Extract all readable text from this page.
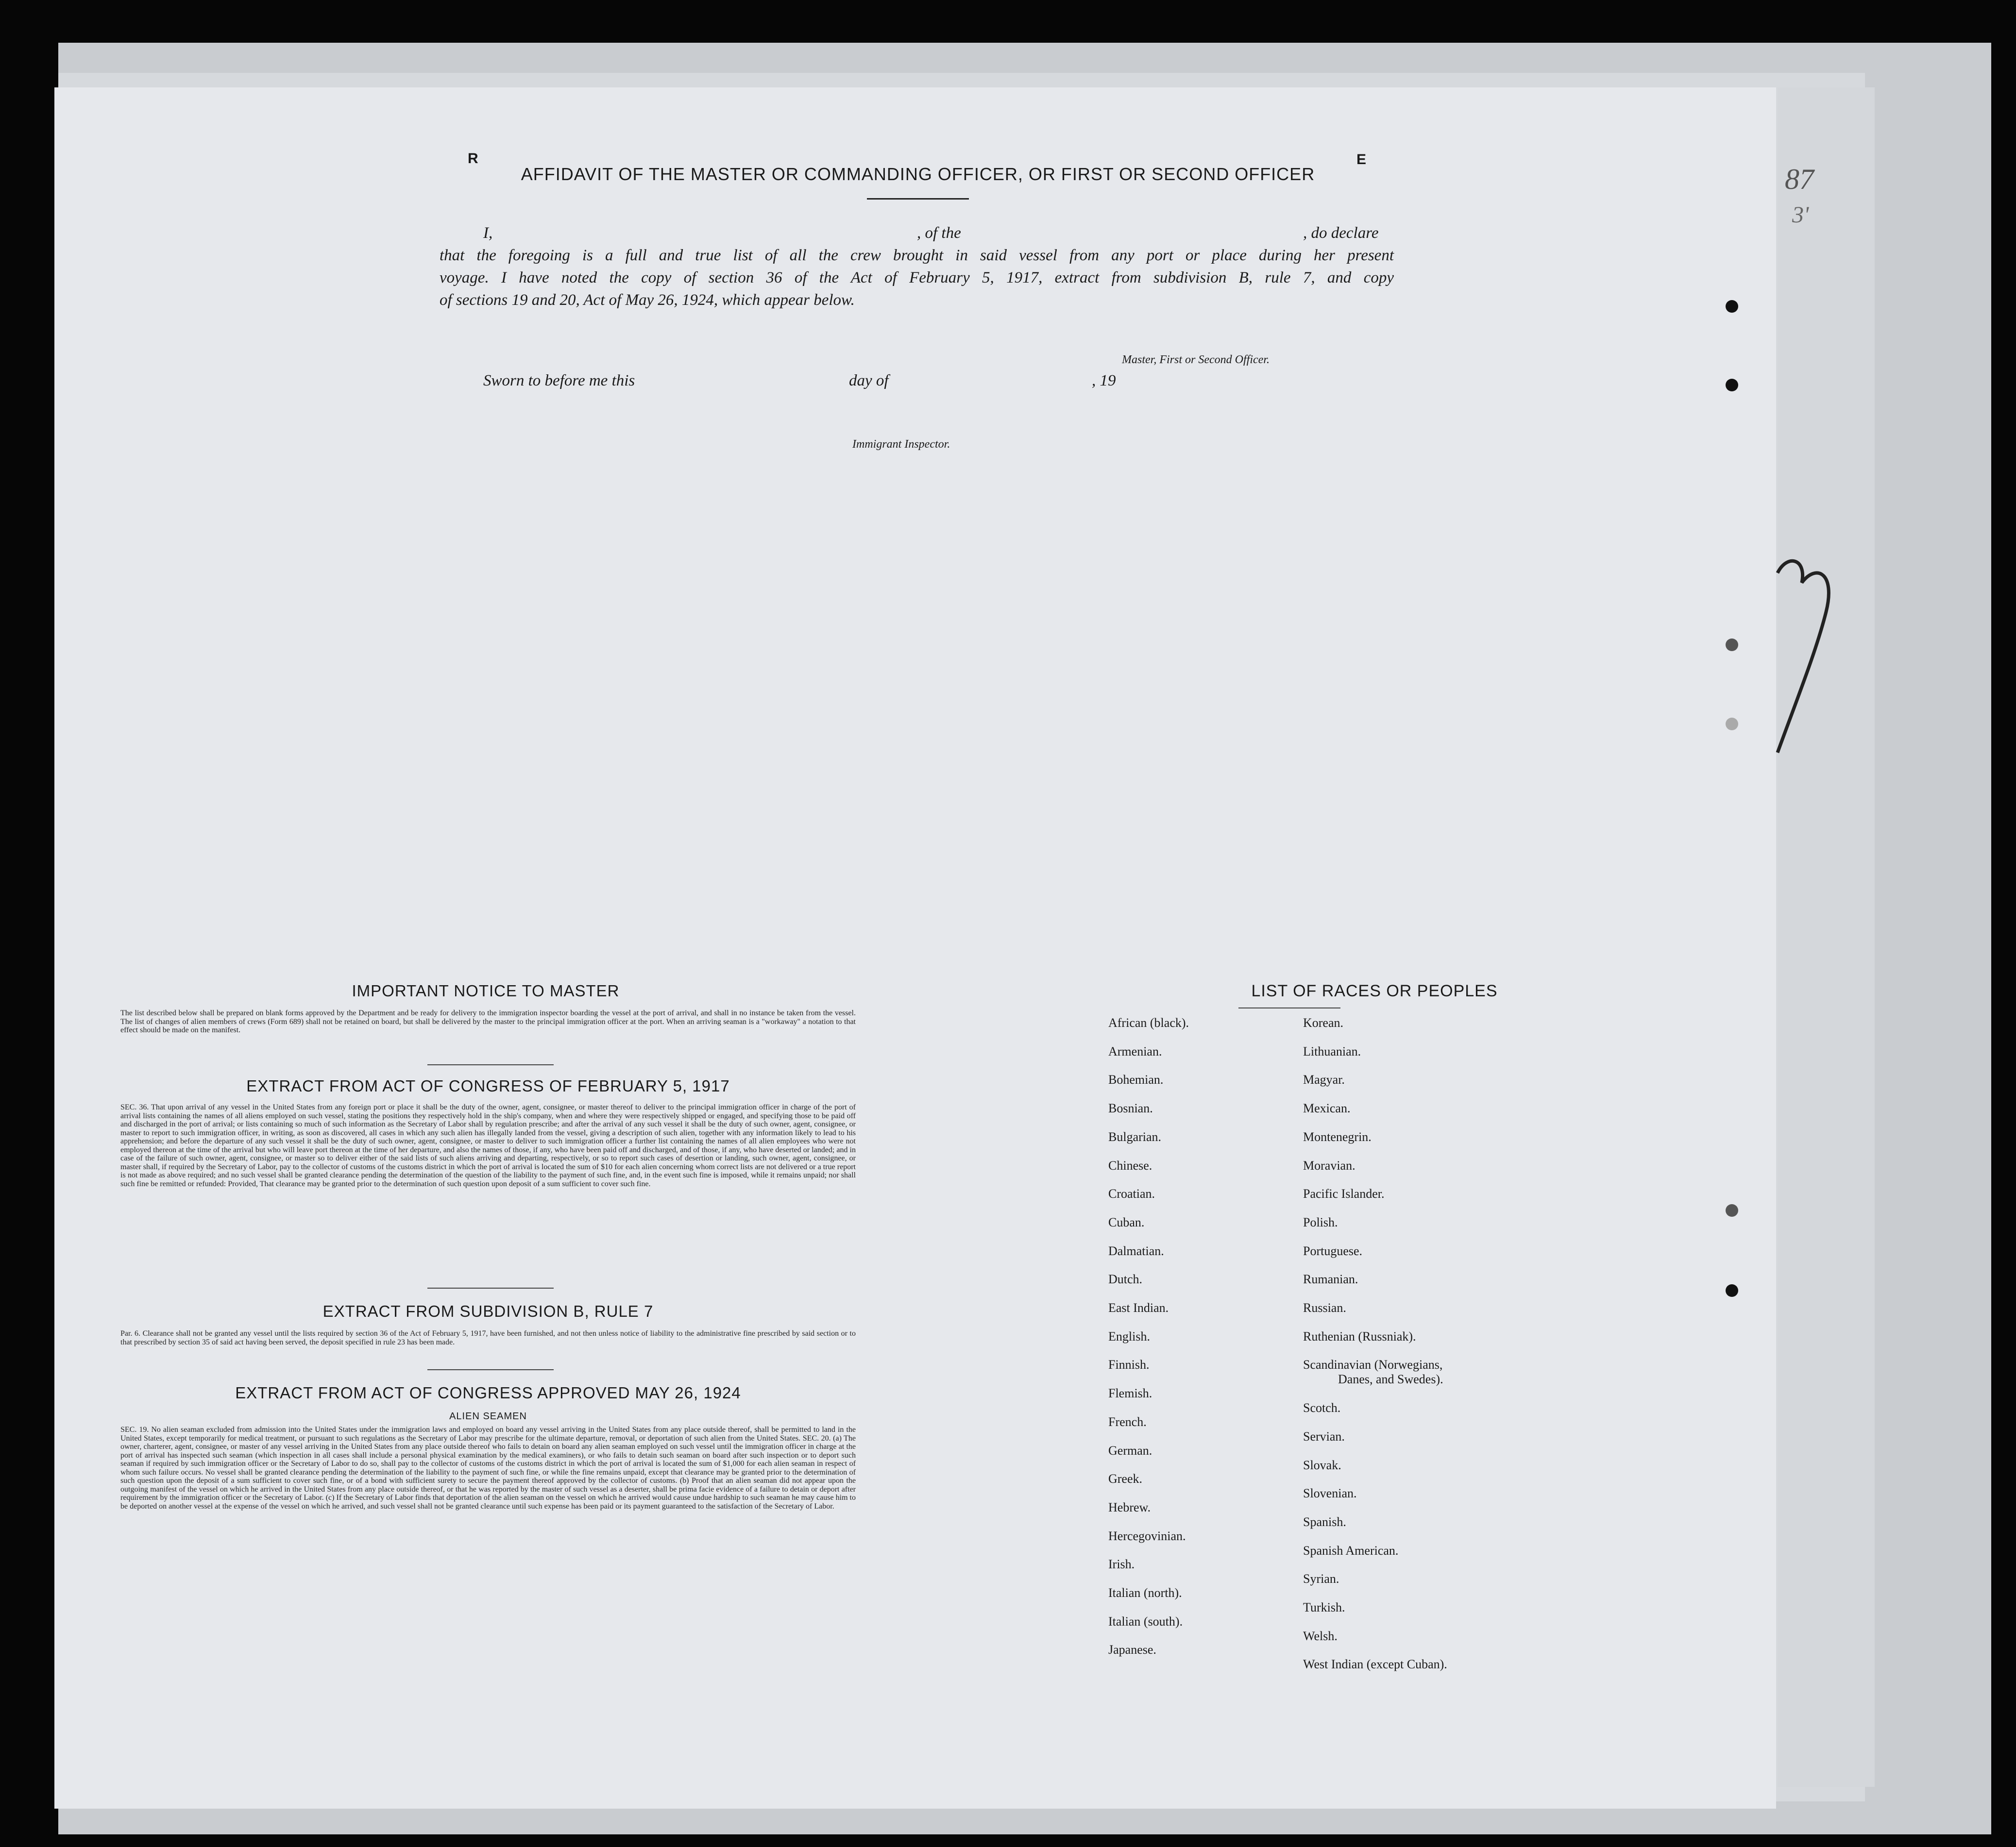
87
3'
R	E
AFFIDAVIT OF THE MASTER OR COMMANDING OFFICER, OR FIRST OR SECOND OFFICER
I,	, of the	, do declare
that the foregoing is a full and true list of all the crew brought in said vessel from any port or place during her present
voyage. I have noted the copy of section 36 of the Act of February 5, 1917, extract from subdivision B, rule 7, and copy
of sections 19 and 20, Act of May 26, 1924, which appear below.
Master, First or Second Officer.
Sworn to before me this	day of	, 19
Immigrant Inspector.
IMPORTANT NOTICE TO MASTER
The list described below shall be prepared on blank forms approved by the Department and be ready for delivery to the immigration inspector boarding the vessel at the port of arrival, and shall in no instance be taken from the vessel. The list of changes of alien members of crews (Form 689) shall not be retained on board, but shall be delivered by the master to the principal immigration officer at the port. When an arriving seaman is a "workaway" a notation to that effect should be made on the manifest.
EXTRACT FROM ACT OF CONGRESS OF FEBRUARY 5, 1917
SEC. 36. That upon arrival of any vessel in the United States from any foreign port or place it shall be the duty of the owner, agent, consignee, or master thereof to deliver to the principal immigration officer in charge of the port of arrival lists containing the names of all aliens employed on such vessel, stating the positions they respectively hold in the ship's company, when and where they were respectively shipped or engaged, and specifying those to be paid off and discharged in the port of arrival; or lists containing so much of such information as the Secretary of Labor shall by regulation prescribe; and after the arrival of any such vessel it shall be the duty of such owner, agent, consignee, or master to report to such immigration officer, in writing, as soon as discovered, all cases in which any such alien has illegally landed from the vessel, giving a description of such alien, together with any information likely to lead to his apprehension; and before the departure of any such vessel it shall be the duty of such owner, agent, consignee, or master to deliver to such immigration officer a further list containing the names of all alien employees who were not employed thereon at the time of the arrival but who will leave port thereon at the time of her departure, and also the names of those, if any, who have been paid off and discharged, and of those, if any, who have deserted or landed; and in case of the failure of such owner, agent, consignee, or master so to deliver either of the said lists of such aliens arriving and departing, respectively, or so to report such cases of desertion or landing, such owner, agent, consignee, or master shall, if required by the Secretary of Labor, pay to the collector of customs of the customs district in which the port of arrival is located the sum of $10 for each alien concerning whom correct lists are not delivered or a true report is not made as above required; and no such vessel shall be granted clearance pending the determination of the question of the liability to the payment of such fine, and, in the event such fine is imposed, while it remains unpaid; nor shall such fine be remitted or refunded: Provided, That clearance may be granted prior to the determination of such question upon deposit of a sum sufficient to cover such fine.
EXTRACT FROM SUBDIVISION B, RULE 7
Par. 6. Clearance shall not be granted any vessel until the lists required by section 36 of the Act of February 5, 1917, have been furnished, and not then unless notice of liability to the administrative fine prescribed by said section or to that prescribed by section 35 of said act having been served, the deposit specified in rule 23 has been made.
EXTRACT FROM ACT OF CONGRESS APPROVED MAY 26, 1924
ALIEN SEAMEN
SEC. 19. No alien seaman excluded from admission into the United States under the immigration laws and employed on board any vessel arriving in the United States from any place outside thereof, shall be permitted to land in the United States, except temporarily for medical treatment, or pursuant to such regulations as the Secretary of Labor may prescribe for the ultimate departure, removal, or deportation of such alien from the United States. SEC. 20. (a) The owner, charterer, agent, consignee, or master of any vessel arriving in the United States from any place outside thereof who fails to detain on board any alien seaman employed on such vessel until the immigration officer in charge at the port of arrival has inspected such seaman (which inspection in all cases shall include a personal physical examination by the medical examiners), or who fails to detain such seaman on board after such inspection or to deport such seaman if required by such immigration officer or the Secretary of Labor to do so, shall pay to the collector of customs of the customs district in which the port of arrival is located the sum of $1,000 for each alien seaman in respect of whom such failure occurs. No vessel shall be granted clearance pending the determination of the liability to the payment of such fine, or while the fine remains unpaid, except that clearance may be granted prior to the determination of such question upon the deposit of a sum sufficient to cover such fine, or of a bond with sufficient surety to secure the payment thereof approved by the collector of customs. (b) Proof that an alien seaman did not appear upon the outgoing manifest of the vessel on which he arrived in the United States from any place outside thereof, or that he was reported by the master of such vessel as a deserter, shall be prima facie evidence of a failure to detain or deport after requirement by the immigration officer or the Secretary of Labor. (c) If the Secretary of Labor finds that deportation of the alien seaman on the vessel on which he arrived would cause undue hardship to such seaman he may cause him to be deported on another vessel at the expense of the vessel on which he arrived, and such vessel shall not be granted clearance until such expense has been paid or its payment guaranteed to the satisfaction of the Secretary of Labor.
LIST OF RACES OR PEOPLES
African (black).
Armenian.
Bohemian.
Bosnian.
Bulgarian.
Chinese.
Croatian.
Cuban.
Dalmatian.
Dutch.
East Indian.
English.
Finnish.
Flemish.
French.
German.
Greek.
Hebrew.
Hercegovinian.
Irish.
Italian (north).
Italian (south).
Japanese.
Korean.
Lithuanian.
Magyar.
Mexican.
Montenegrin.
Moravian.
Pacific Islander.
Polish.
Portuguese.
Rumanian.
Russian.
Ruthenian (Russniak).
Scandinavian (Norwegians,
Danes, and Swedes).
Scotch.
Servian.
Slovak.
Slovenian.
Spanish.
Spanish American.
Syrian.
Turkish.
Welsh.
West Indian (except Cuban).
